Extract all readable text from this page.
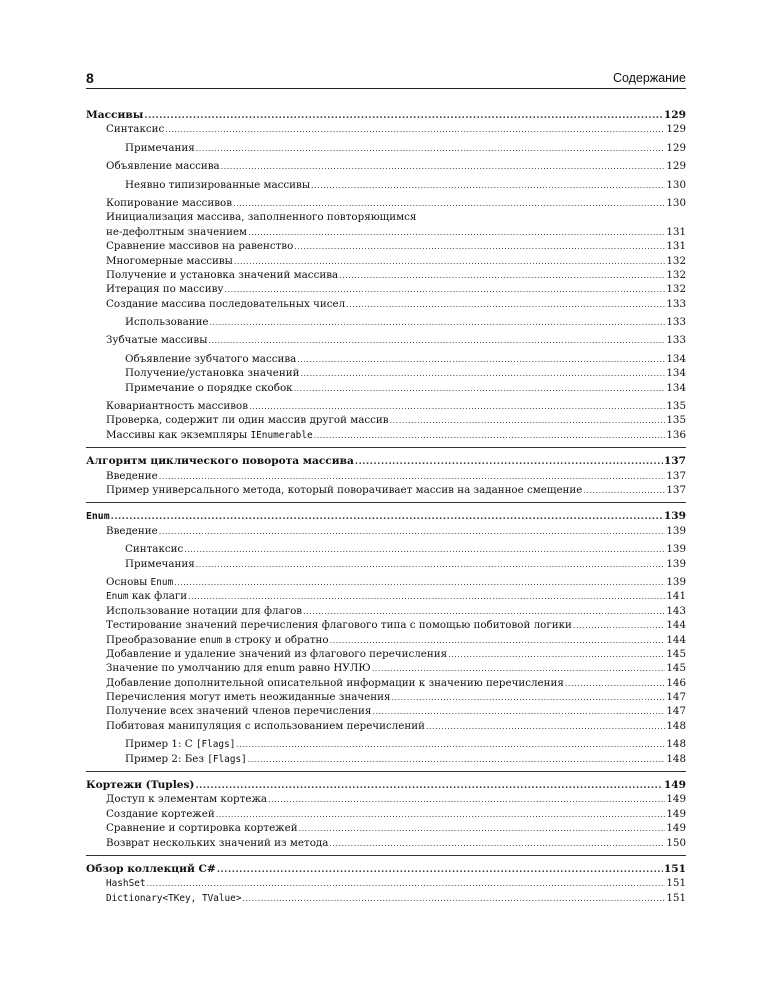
8	Содержание
Массивы .....	129
Синтаксис .....	129
Примечания .....	129
Объявление массива .....	129
Неявно типизированные массивы .....	130
Копирование массивов .....	130
Инициализация массива, заполненного повторяющимся
не-дефолтным значением .....	131
Сравнение массивов на равенство .....	131
Многомерные массивы .....	132
Получение и установка значений массива .....	132
Итерация по массиву .....	132
Создание массива последовательных чисел .....	133
Использование .....	133
Зубчатые массивы .....	133
Объявление зубчатого массива .....	134
Получение/установка значений .....	134
Примечание о порядке скобок .....	134
Ковариантность массивов .....	135
Проверка, содержит ли один массив другой массив .....	135
Массивы как экземпляры IEnumerable .....	136
Алгоритм циклического поворота массива .....	137
Введение .....	137
Пример универсального метода, который поворачивает массив на заданное смещение .....	137
Enum .....	139
Введение .....	139
Синтаксис .....	139
Примечания .....	139
Основы Enum .....	139
Enum как флаги .....	141
Использование нотации для флагов .....	143
Тестирование значений перечисления флагового типа с помощью побитовой логики .....	144
Преобразование enum в строку и обратно .....	144
Добавление и удаление значений из флагового перечисления .....	145
Значение по умолчанию для enum равно НУЛЮ .....	145
Добавление дополнительной описательной информации к значению перечисления .....	146
Перечисления могут иметь неожиданные значения .....	147
Получение всех значений членов перечисления .....	147
Побитовая манипуляция с использованием перечислений .....	148
Пример 1: С [Flags] .....	148
Пример 2: Без [Flags] .....	148
Кортежи (Tuples) .....	149
Доступ к элементам кортежа .....	149
Создание кортежей .....	149
Сравнение и сортировка кортежей .....	149
Возврат нескольких значений из метода .....	150
Обзор коллекций C# .....	151
HashSet .....	151
Dictionary<TKey, TValue> .....	151
